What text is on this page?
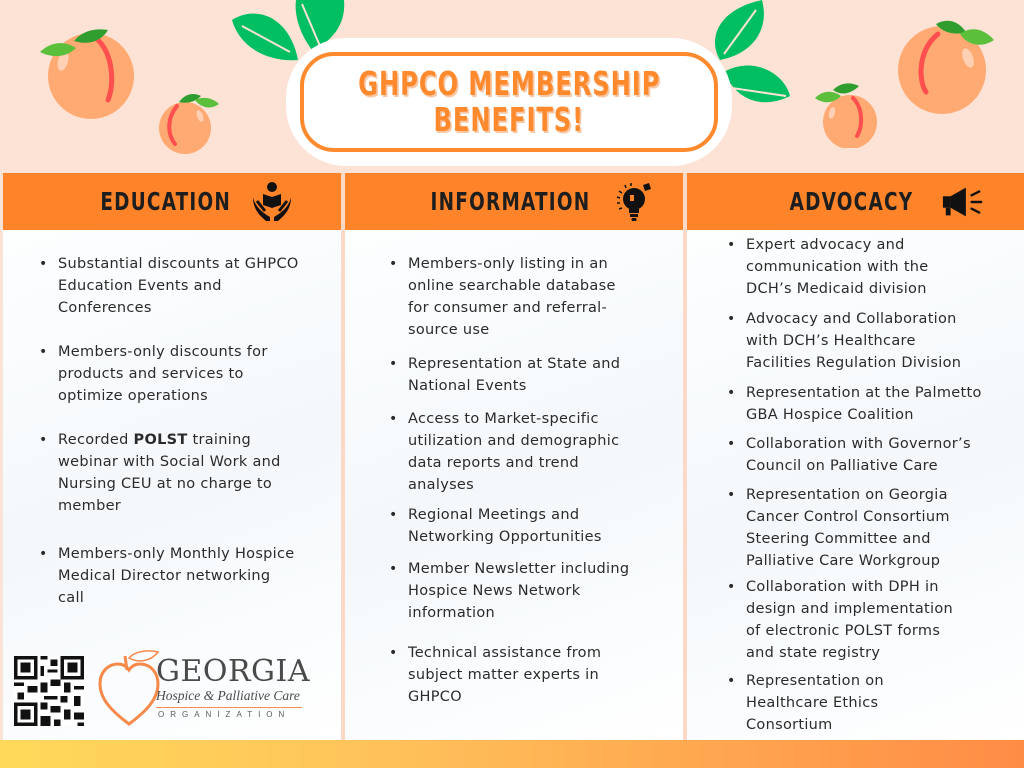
GHPCO MEMBERSHIP
BENEFITS!
EDUCATION
• Substantial discounts at GHPCO Education Events and Conferences
• Members-only discounts for products and services to optimize operations
• Recorded POLST training webinar with Social Work and Nursing CEU at no charge to member
• Members-only Monthly Hospice Medical Director networking call
INFORMATION
• Members-only listing in an online searchable database for consumer and referral-source use
• Representation at State and National Events
• Access to Market-specific utilization and demographic data reports and trend analyses
• Regional Meetings and Networking Opportunities
• Member Newsletter including Hospice News Network information
• Technical assistance from subject matter experts in GHPCO
ADVOCACY
• Expert advocacy and communication with the DCH’s Medicaid division
• Advocacy and Collaboration with DCH’s Healthcare Facilities Regulation Division
• Representation at the Palmetto GBA Hospice Coalition
• Collaboration with Governor’s Council on Palliative Care
• Representation on Georgia Cancer Control Consortium Steering Committee and Palliative Care Workgroup
• Collaboration with DPH in design and implementation of electronic POLST forms and state registry
• Representation on Healthcare Ethics Consortium
GEORGIA
Hospice & Palliative Care
ORGANIZATION
